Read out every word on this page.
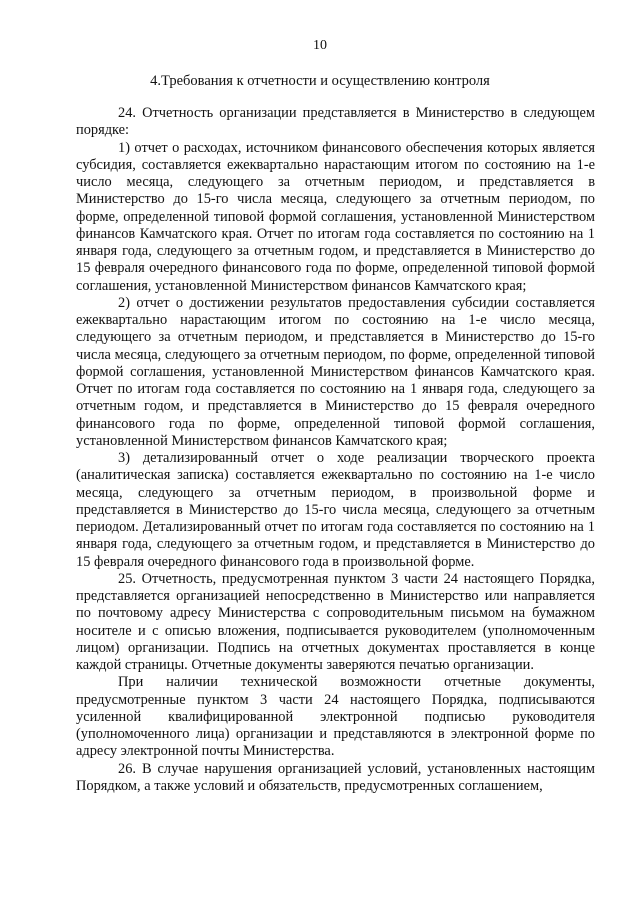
10
4.Требования к отчетности и осуществлению контроля

24. Отчетность организации представляется в Министерство в следующем порядке:

1) отчет о расходах, источником финансового обеспечения которых является субсидия, составляется ежеквартально нарастающим итогом по состоянию на 1-е число месяца, следующего за отчетным периодом, и представляется в Министерство до 15-го числа месяца, следующего за отчетным периодом, по форме, определенной типовой формой соглашения, установленной Министерством финансов Камчатского края. Отчет по итогам года составляется по состоянию на 1 января года, следующего за отчетным годом, и представляется в Министерство до 15 февраля очередного финансового года по форме, определенной типовой формой соглашения, установленной Министерством финансов Камчатского края;

2) отчет о достижении результатов предоставления субсидии составляется ежеквартально нарастающим итогом по состоянию на 1-е число месяца, следующего за отчетным периодом, и представляется в Министерство до 15-го числа месяца, следующего за отчетным периодом, по форме, определенной типовой формой соглашения, установленной Министерством финансов Камчатского края. Отчет по итогам года составляется по состоянию на 1 января года, следующего за отчетным годом, и представляется в Министерство до 15 февраля очередного финансового года по форме, определенной типовой формой соглашения, установленной Министерством финансов Камчатского края;

3) детализированный отчет о ходе реализации творческого проекта (аналитическая записка) составляется ежеквартально по состоянию на 1-е число месяца, следующего за отчетным периодом, в произвольной форме и представляется в Министерство до 15-го числа месяца, следующего за отчетным периодом. Детализированный отчет по итогам года составляется по состоянию на 1 января года, следующего за отчетным годом, и представляется в Министерство до 15 февраля очередного финансового года в произвольной форме.

25. Отчетность, предусмотренная пунктом 3 части 24 настоящего Порядка, представляется организацией непосредственно в Министерство или направляется по почтовому адресу Министерства с сопроводительным письмом на бумажном носителе и с описью вложения, подписывается руководителем (уполномоченным лицом) организации. Подпись на отчетных документах проставляется в конце каждой страницы. Отчетные документы заверяются печатью организации.

При наличии технической возможности отчетные документы, предусмотренные пунктом 3 части 24 настоящего Порядка, подписываются усиленной квалифицированной электронной подписью руководителя (уполномоченного лица) организации и представляются в электронной форме по адресу электронной почты Министерства.

26. В случае нарушения организацией условий, установленных настоящим Порядком, а также условий и обязательств, предусмотренных соглашением,
